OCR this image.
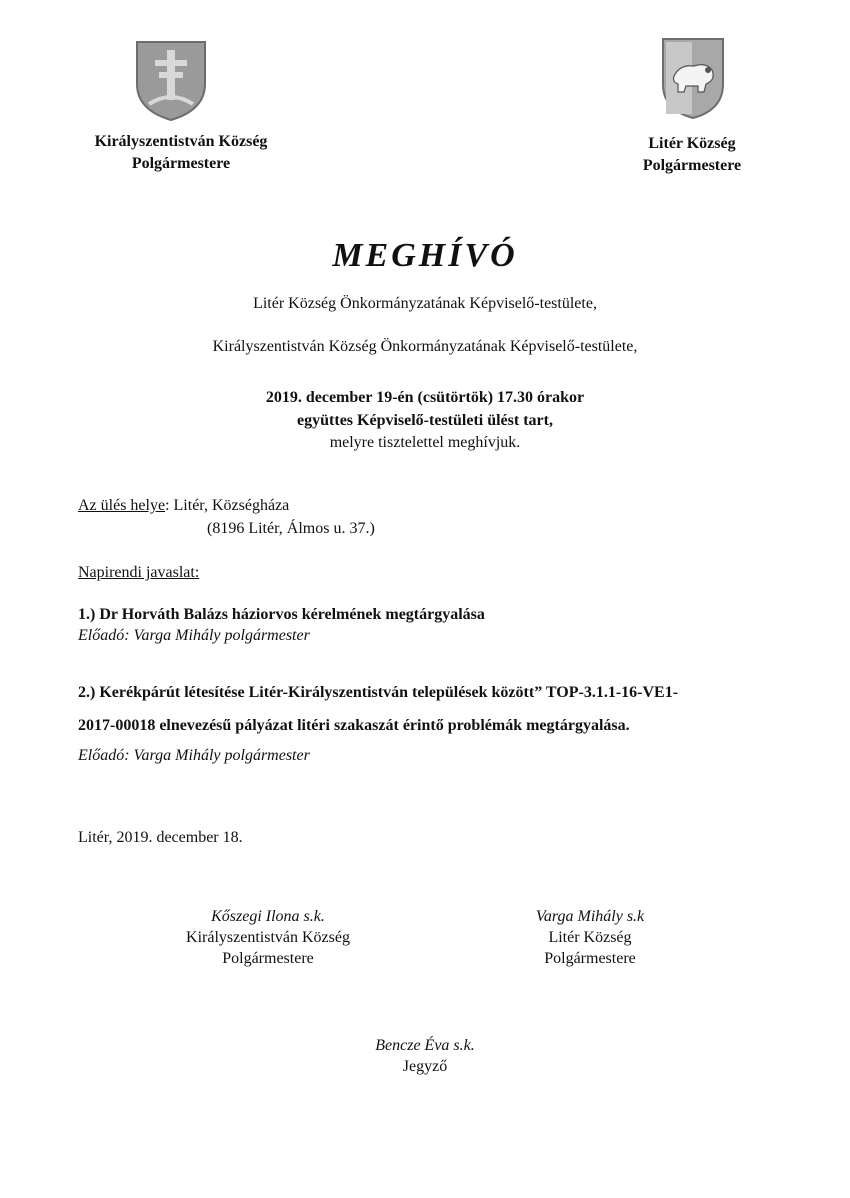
Királyszentistván Község
Polgármestere
Litér Község
Polgármestere
MEGHÍVÓ
Litér Község Önkormányzatának Képviselő-testülete,
Királyszentistván Község Önkormányzatának Képviselő-testülete,
2019. december 19-én (csütörtök) 17.30 órakor
együttes Képviselő-testületi ülést tart,
melyre tisztelettel meghívjuk.
Az ülés helye: Litér, Községháza
(8196 Litér, Álmos u. 37.)
Napirendi javaslat:
1.) Dr Horváth Balázs háziorvos kérelmének megtárgyalása
Előadó: Varga Mihály polgármester
2.) Kerékpárút létesítése Litér-Királyszentistván települések között” TOP-3.1.1-16-VE1-
2017-00018 elnevezésű pályázat litéri szakaszát érintő problémák megtárgyalása.
Előadó: Varga Mihály polgármester
Litér, 2019. december 18.
Kőszegi Ilona s.k.
Királyszentistván Község
Polgármestere
Varga Mihály s.k
Litér Község
Polgármestere
Bencze Éva s.k.
Jegyző
